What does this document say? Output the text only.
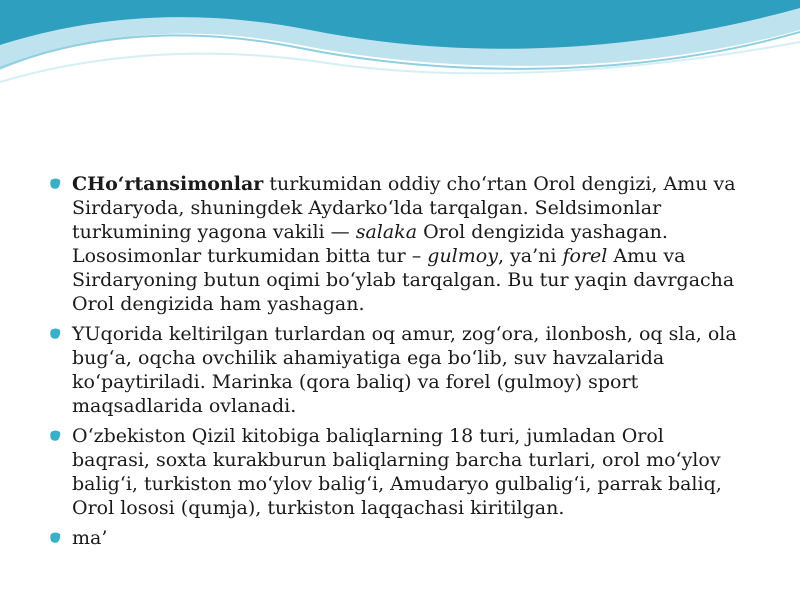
CHo‘rtansimonlar turkumidan oddiy cho‘rtan Orol dengizi, Amu va Sirdaryoda, shuningdek Aydarko‘lda tarqalgan. Seldsimonlar turkumining yagona vakili — salaka Orol dengizida yashagan. Lososimonlar turkumidan bitta tur – gulmoy, ya’ni forel Amu va Sirdaryoning butun oqimi bo‘ylab tarqalgan. Bu tur yaqin davrgacha Orol dengizida ham yashagan.
YUqorida keltirilgan turlardan oq amur, zog‘ora, ilonbosh, oq sla, ola bug‘a, oqcha ovchilik ahamiyatiga ega bo‘lib, suv havzalarida ko‘paytiriladi. Marinka (qora baliq) va forel (gulmoy) sport maqsadlarida ovlanadi.
O‘zbekiston Qizil kitobiga baliqlarning 18 turi, jumladan Orol baqrasi, soxta kurakburun baliqlarning barcha turlari, orol mo‘ylov balig‘i, turkiston mo‘ylov balig‘i, Amudaryo gulbalig‘i, parrak baliq, Orol lososi (qumja), turkiston laqqachasi kiritilgan.
ma’
